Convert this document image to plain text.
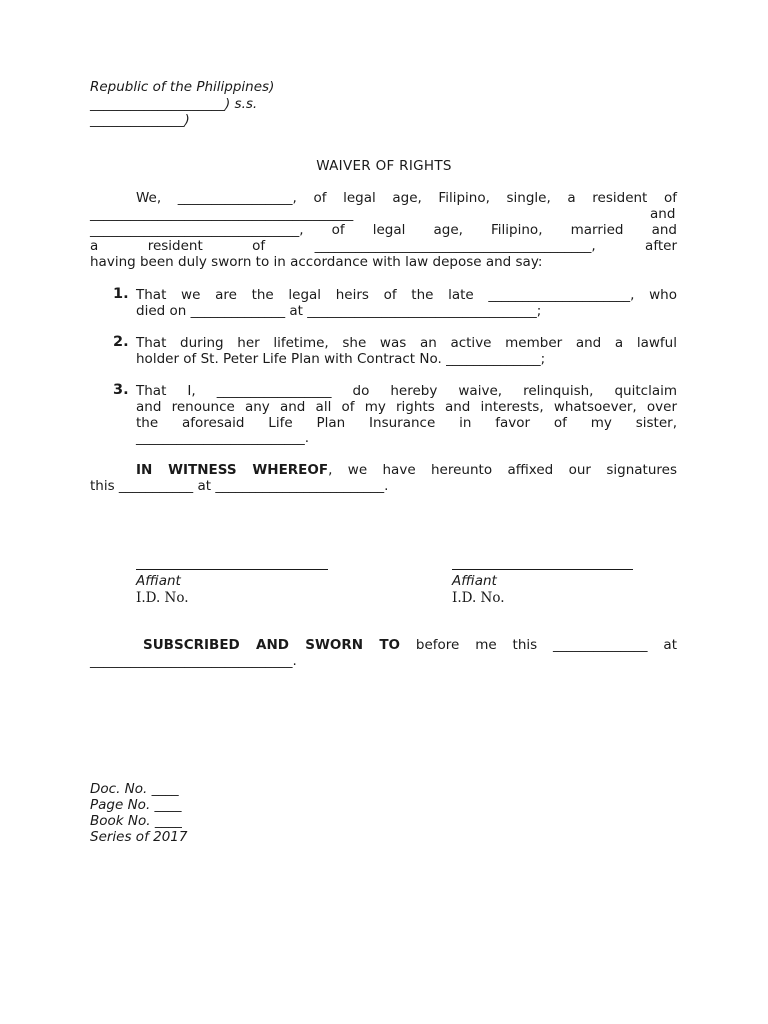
Republic of the Philippines)
____________________) s.s.
______________)
WAIVER OF RIGHTS
We, _________________, of legal age, Filipino, single, a resident of
_______________________________________	and
_______________________________, of legal age, Filipino, married and
a resident of _________________________________________, after
having been duly sworn to in accordance with law depose and say:
1. That we are the legal heirs of the late _____________________, who
died on ______________ at __________________________________;
2. That during her lifetime, she was an active member and a lawful
holder of St. Peter Life Plan with Contract No. ______________;
3. That I, _________________ do hereby waive, relinquish, quitclaim
and renounce any and all of my rights and interests, whatsoever, over
the aforesaid Life Plan Insurance in favor of my sister,
_________________________.
IN WITNESS WHEREOF, we have hereunto affixed our signatures
this ___________ at _________________________.
Affiant
I.D. No.
Affiant
I.D. No.
SUBSCRIBED AND SWORN TO before me this ______________ at
______________________________.
Doc. No. ____
Page No. ____
Book No. ____
Series of 2017
